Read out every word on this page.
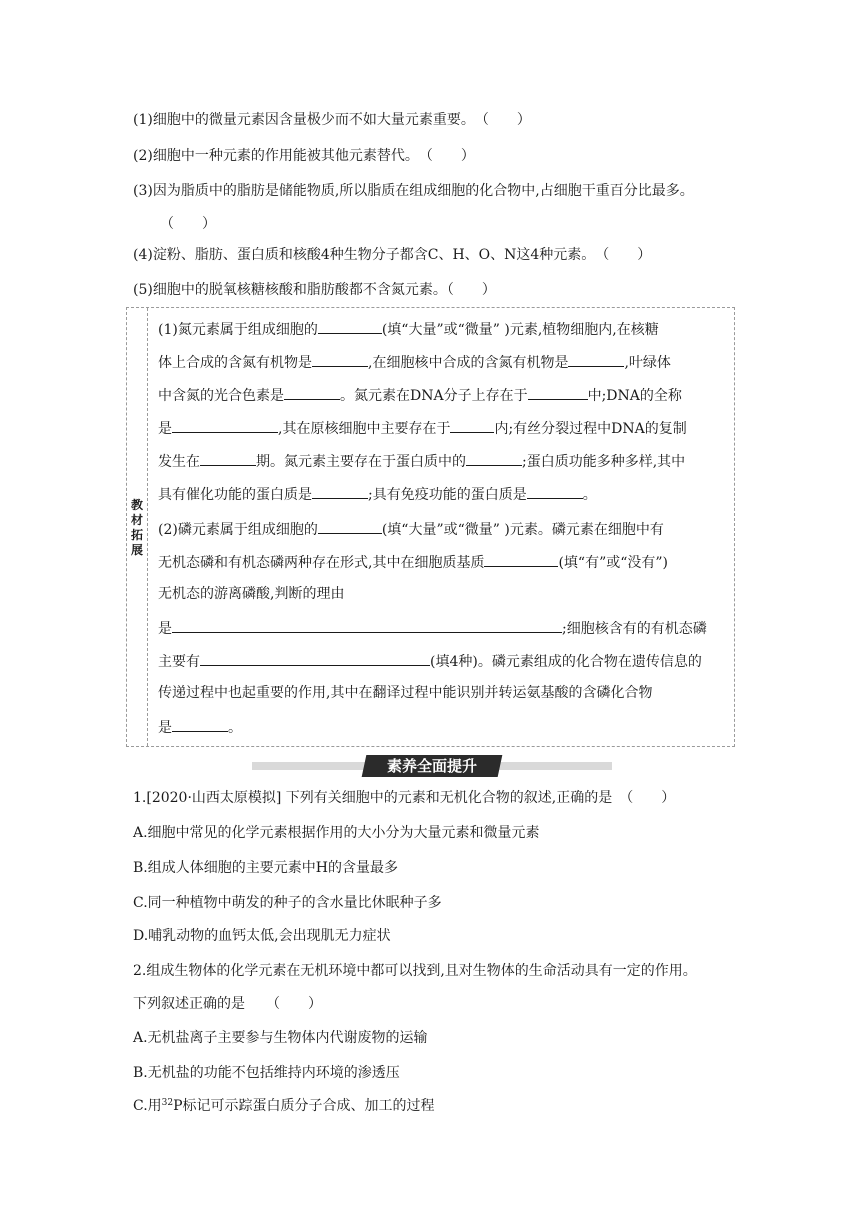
(1)细胞中的微量元素因含量极少而不如大量元素重要。　（　　）
(2)细胞中一种元素的作用能被其他元素替代。　（　　）
(3)因为脂质中的脂肪是储能物质,所以脂质在组成细胞的化合物中,占细胞干重百分比最多。
（　　）
(4)淀粉、脂肪、蛋白质和核酸4种生物分子都含C、H、O、N这4种元素。　（　　）
(5)细胞中的脱氧核糖核酸和脂肪酸都不含氮元素。（　　）
教材拓展
(1)氮元素属于组成细胞的	(填“大量”或“微量” )元素,植物细胞内,在核糖
体上合成的含氮有机物是	,在细胞核中合成的含氮有机物是	,叶绿体
中含氮的光合色素是	。氮元素在DNA分子上存在于	中;DNA的全称
是	,其在原核细胞中主要存在于	内;有丝分裂过程中DNA的复制
发生在	期。氮元素主要存在于蛋白质中的	;蛋白质功能多种多样,其中
具有催化功能的蛋白质是	;具有免疫功能的蛋白质是	。
(2)磷元素属于组成细胞的	(填“大量”或“微量” )元素。磷元素在细胞中有
无机态磷和有机态磷两种存在形式,其中在细胞质基质	(填“有”或“没有”)
无机态的游离磷酸,判断的理由
是	;细胞核含有的有机态磷
主要有	(填4种)。磷元素组成的化合物在遗传信息的
传递过程中也起重要的作用,其中在翻译过程中能识别并转运氨基酸的含磷化合物
是	。
素养全面提升
1.[2020·山西太原模拟] 下列有关细胞中的元素和无机化合物的叙述,正确的是　（　　）
A.细胞中常见的化学元素根据作用的大小分为大量元素和微量元素
B.组成人体细胞的主要元素中H的含量最多
C.同一种植物中萌发的种子的含水量比休眠种子多
D.哺乳动物的血钙太低,会出现肌无力症状
2.组成生物体的化学元素在无机环境中都可以找到,且对生物体的生命活动具有一定的作用。
下列叙述正确的是　　（　　）
A.无机盐离子主要参与生物体内代谢废物的运输
B.无机盐的功能不包括维持内环境的渗透压
C.用$^{32}$P标记可示踪蛋白质分子合成、加工的过程
